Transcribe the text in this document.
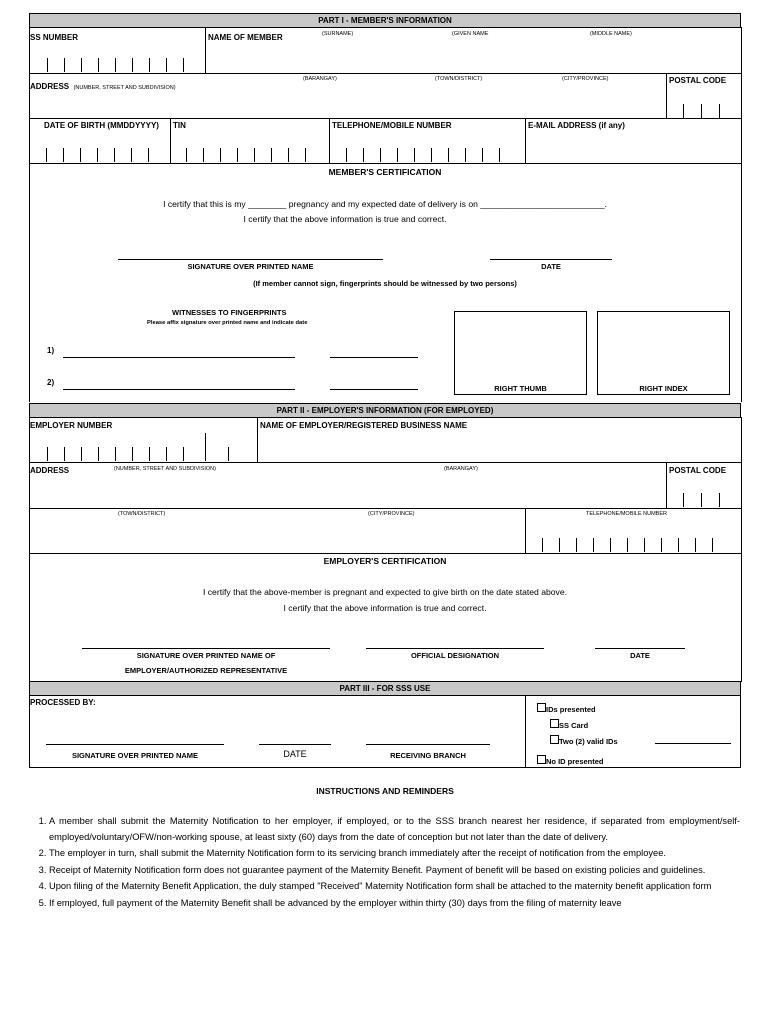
PART I - MEMBER'S INFORMATION
SS NUMBER	NAME OF MEMBER	(SURNAME)	(GIVEN NAME	(MIDDLE NAME)
ADDRESS (NUMBER, STREET AND SUBDIVISION)
(BARANGAY)	(TOWN/DISTRICT)	(CITY/PROVINCE)	POSTAL CODE
DATE OF BIRTH (MMDDYYYY) TIN	TELEPHONE/MOBILE NUMBER	E-MAIL ADDRESS (if any)
MEMBER'S CERTIFICATION
I certify that this is my ________ pregnancy and my expected date of delivery is on __________________________.
I certify that the above information is true and correct.
SIGNATURE OVER PRINTED NAME	DATE
(If member cannot sign, fingerprints should be witnessed by two persons)
WITNESSES TO FINGERPRINTS
Please affix signature over printed name and indicate date
1)
2)
RIGHT THUMB	RIGHT INDEX
PART II - EMPLOYER'S INFORMATION (FOR EMPLOYED)
EMPLOYER NUMBER	NAME OF EMPLOYER/REGISTERED BUSINESS NAME
ADDRESS	(NUMBER, STREET AND SUBDIVISION)	(BARANGAY)	POSTAL CODE
(TOWN/DISTRICT)	(CITY/PROVINCE)	TELEPHONE/MOBILE NUMBER
EMPLOYER'S CERTIFICATION
I certify that the above-member is pregnant and expected to give birth on the date stated above.
I certify that the above information is true and correct.
SIGNATURE OVER PRINTED NAME OF
EMPLOYER/AUTHORIZED REPRESENTATIVE
OFFICIAL DESIGNATION	DATE
PART III - FOR SSS USE
PROCESSED BY:
SIGNATURE OVER PRINTED NAME	DATE	RECEIVING BRANCH
IDs presented
SS Card
Two (2) valid IDs
No ID presented
INSTRUCTIONS AND REMINDERS
1. A member shall submit the Maternity Notification to her employer, if employed, or to the SSS branch nearest her residence, if separated from employment/self-employed/voluntary/OFW/non-working spouse, at least sixty (60) days from the date of conception but not later than the date of delivery.
2. The employer in turn, shall submit the Maternity Notification form to its servicing branch immediately after the receipt of notification from the employee.
3. Receipt of Maternity Notification form does not guarantee payment of the Maternity Benefit. Payment of benefit will be based on existing policies and guidelines.
4. Upon filing of the Maternity Benefit Application, the duly stamped "Received" Maternity Notification form shall be attached to the maternity benefit application form
5. If employed, full payment of the Maternity Benefit shall be advanced by the employer within thirty (30) days from the filing of maternity leave
